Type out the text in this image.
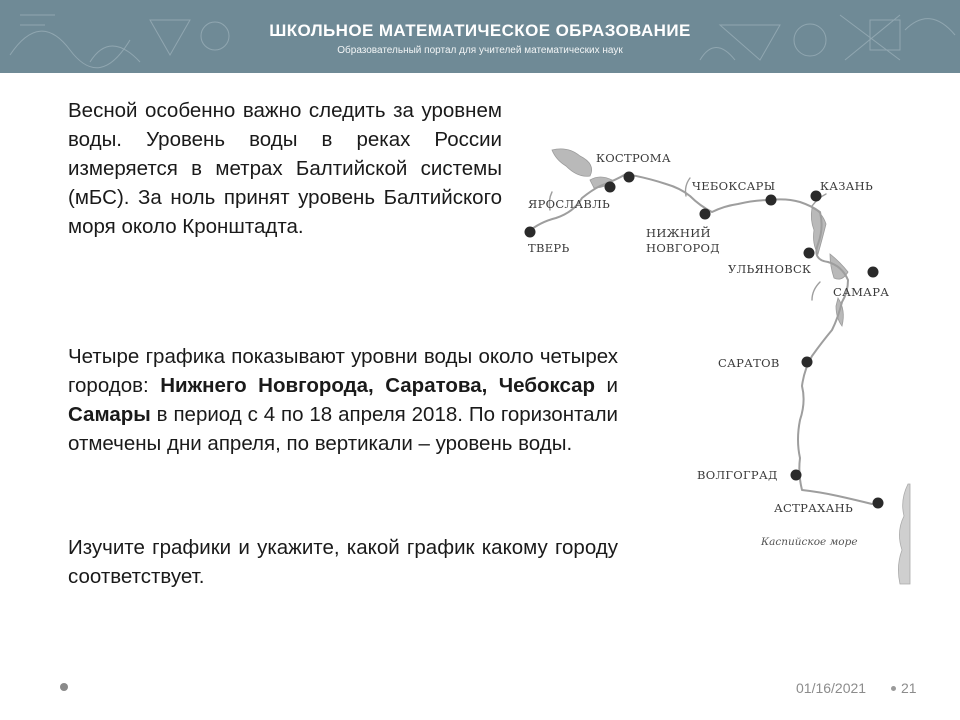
ШКОЛЬНОЕ МАТЕМАТИЧЕСКОЕ ОБРАЗОВАНИЕ
Образовательный портал для учителей математических наук
Весной особенно важно следить за уровнем воды. Уровень воды в реках России измеряется в метрах Балтийской системы (мБС). За ноль принят уровень Балтийского моря около Кронштадта.
Четыре графика показывают уровни воды около четырех городов: Нижнего Новгорода, Саратова, Чебоксар и Самары в период с 4 по 18 апреля 2018. По горизонтали отмечены дни апреля, по вертикали – уровень воды.
Изучите графики и укажите, какой график какому городу соответствует.
КОСТРОМА
ЯРОСЛАВЛЬ
ТВЕРЬ
ЧЕБОКСАРЫ	КАЗАНЬ
НИЖНИЙ
НОВГОРОД
УЛЬЯНОВСК
САМАРА
САРАТОВ
ВОЛГОГРАД
АСТРАХАНЬ
Каспийское море
01/16/2021 21
